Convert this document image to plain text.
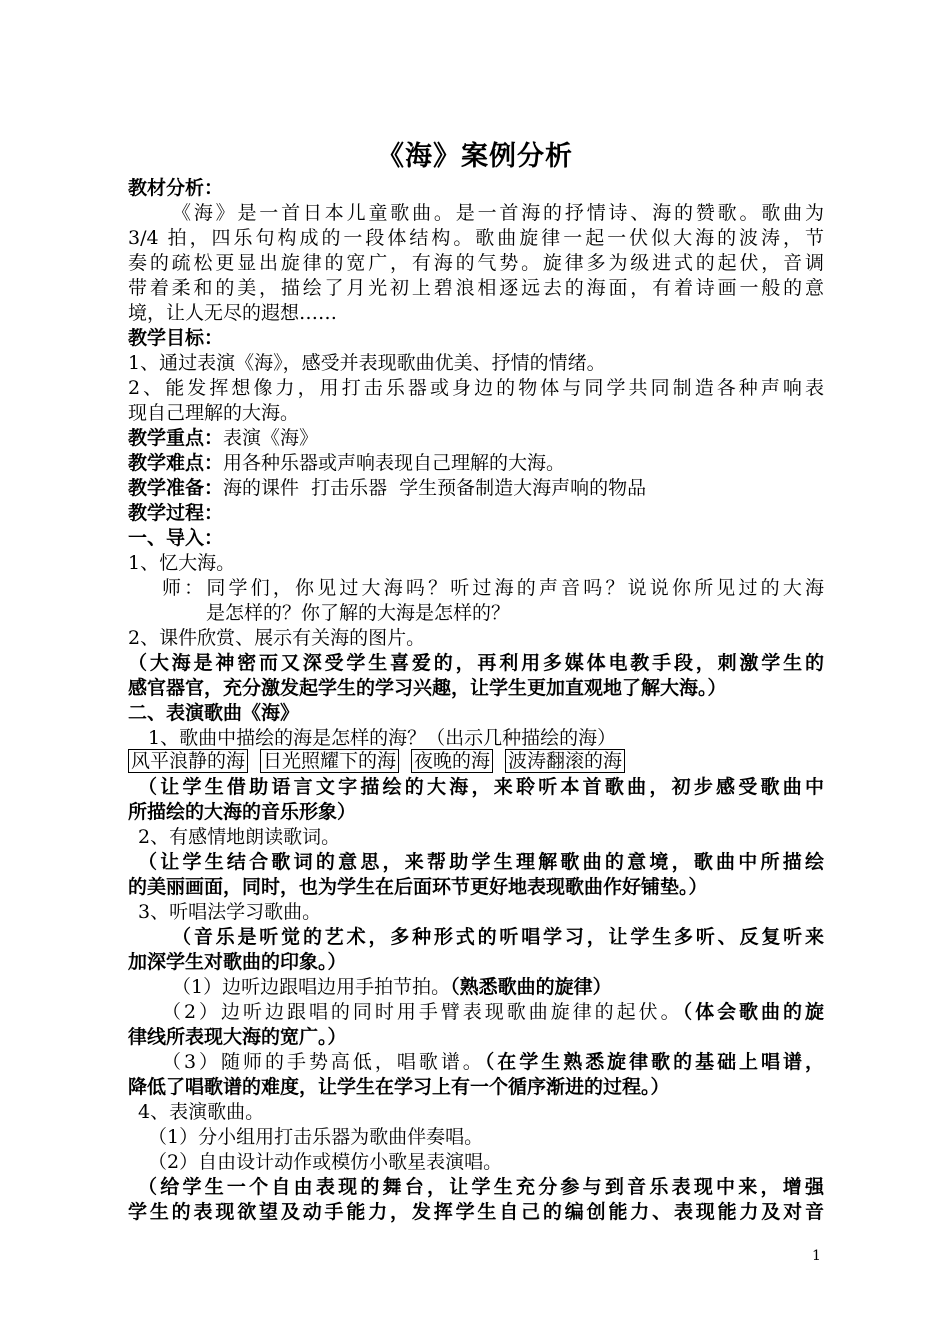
《海》案例分析
教材分析：
《海》是一首日本儿童歌曲。是一首海的抒情诗、海的赞歌。歌曲为
3/4 拍，四乐句构成的一段体结构。歌曲旋律一起一伏似大海的波涛，节
奏的疏松更显出旋律的宽广，有海的气势。旋律多为级进式的起伏，音调
带着柔和的美，描绘了月光初上碧浪相逐远去的海面，有着诗画一般的意
境，让人无尽的遐想……
教学目标：
1、通过表演《海》，感受并表现歌曲优美、抒情的情绪。
2、能发挥想像力，用打击乐器或身边的物体与同学共同制造各种声响表
现自己理解的大海。
教学重点：表演《海》
教学难点：用各种乐器或声响表现自己理解的大海。
教学准备：海的课件  打击乐器  学生预备制造大海声响的物品
教学过程：
一、导入：
1、忆大海。
师：同学们，你见过大海吗？听过海的声音吗？说说你所见过的大海
是怎样的？你了解的大海是怎样的？
2、课件欣赏、展示有关海的图片。
（大海是神密而又深受学生喜爱的，再利用多媒体电教手段，刺激学生的
感官器官，充分激发起学生的学习兴趣，让学生更加直观地了解大海。）
二、表演歌曲《海》
1、歌曲中描绘的海是怎样的海？（出示几种描绘的海）
风平浪静的海 日光照耀下的海 夜晚的海 波涛翻滚的海
（让学生借助语言文字描绘的大海，来聆听本首歌曲，初步感受歌曲中
所描绘的大海的音乐形象）
2、有感情地朗读歌词。
（让学生结合歌词的意思，来帮助学生理解歌曲的意境，歌曲中所描绘
的美丽画面，同时，也为学生在后面环节更好地表现歌曲作好铺垫。）
3、听唱法学习歌曲。
（音乐是听觉的艺术，多种形式的听唱学习，让学生多听、反复听来
加深学生对歌曲的印象。）
（1）边听边跟唱边用手拍节拍。（熟悉歌曲的旋律）
（2）边听边跟唱的同时用手臂表现歌曲旋律的起伏。（体会歌曲的旋
律线所表现大海的宽广。）
（3）随师的手势高低，唱歌谱。（在学生熟悉旋律歌的基础上唱谱，
降低了唱歌谱的难度，让学生在学习上有一个循序渐进的过程。）
4、表演歌曲。
（1）分小组用打击乐器为歌曲伴奏唱。
（2）自由设计动作或模仿小歌星表演唱。
（给学生一个自由表现的舞台，让学生充分参与到音乐表现中来，增强
学生的表现欲望及动手能力，发挥学生自己的编创能力、表现能力及对音
1
